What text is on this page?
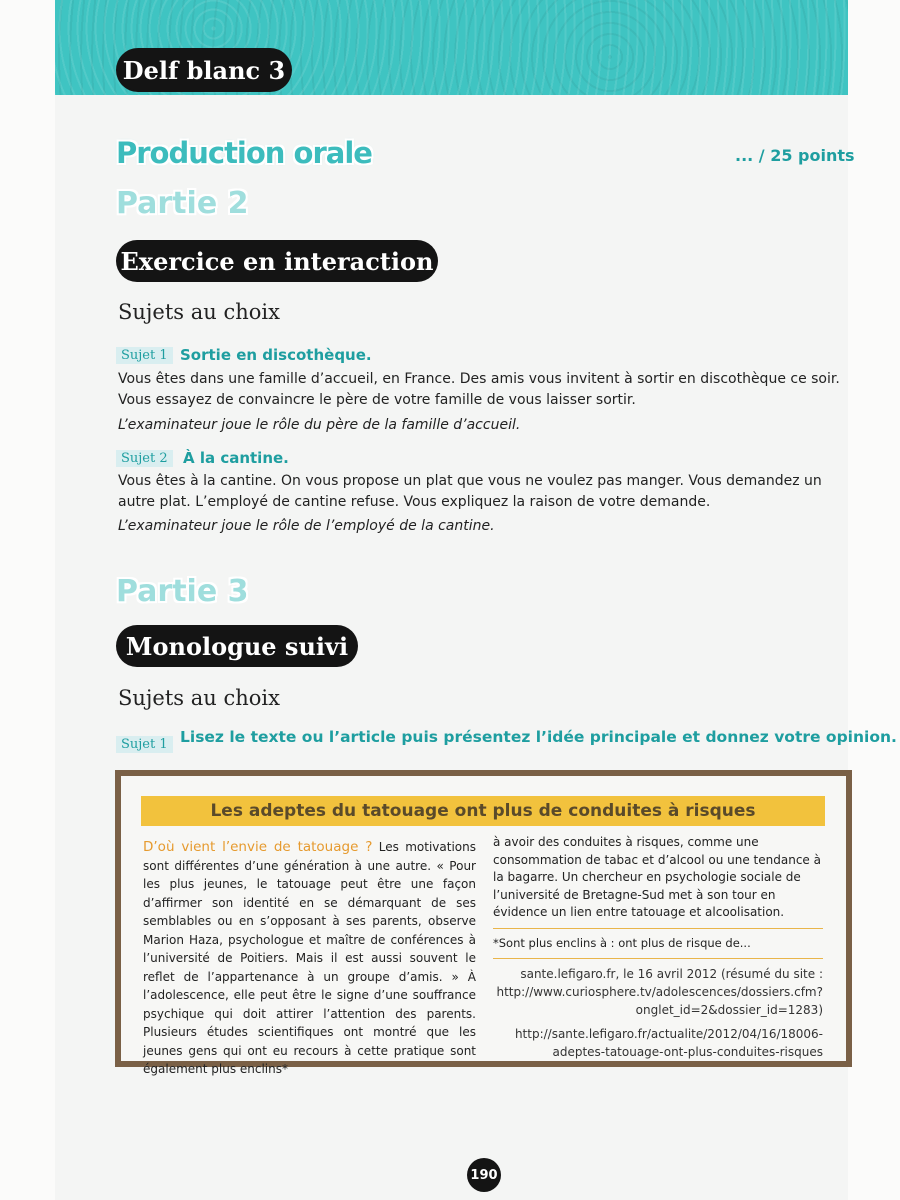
Delf blanc 3
Production orale	... / 25 points
Partie 2
Exercice en interaction
Sujets au choix
Sujet 1 Sortie en discothèque.
Vous êtes dans une famille d’accueil, en France. Des amis vous invitent à sortir en discothèque ce soir. Vous essayez de convaincre le père de votre famille de vous laisser sortir.
L’examinateur joue le rôle du père de la famille d’accueil.
Sujet 2	À la cantine.
Vous êtes à la cantine. On vous propose un plat que vous ne voulez pas manger. Vous demandez un autre plat. L’employé de cantine refuse. Vous expliquez la raison de votre demande.
L’examinateur joue le rôle de l’employé de la cantine.
Partie 3
Monologue suivi
Sujets au choix
Sujet 1 Lisez le texte ou l’article puis présentez l’idée principale et donnez votre opinion.
Les adeptes du tatouage ont plus de conduites à risques
D’où vient l’envie de tatouage ? Les motivations sont différentes d’une génération à une autre. « Pour les plus jeunes, le tatouage peut être une façon d’affirmer son identité en se démarquant de ses semblables ou en s’opposant à ses parents, observe Marion Haza, psychologue et maître de conférences à l’université de Poitiers. Mais il est aussi souvent le reflet de l’appartenance à un groupe d’amis. » À l’adolescence, elle peut être le signe d’une souffrance psychique qui doit attirer l’attention des parents. Plusieurs études scientifiques ont montré que les jeunes gens qui ont eu recours à cette pratique sont également plus enclins*
à avoir des conduites à risques, comme une consommation de tabac et d’alcool ou une tendance à la bagarre. Un chercheur en psychologie sociale de l’université de Bretagne-Sud met à son tour en évidence un lien entre tatouage et alcoolisation.
*Sont plus enclins à : ont plus de risque de...
sante.lefigaro.fr, le 16 avril 2012 (résumé du site : http://www.curiosphere.tv/adolescences/dossiers.cfm?onglet_id=2&dossier_id=1283)
http://sante.lefigaro.fr/actualite/2012/04/16/18006-adeptes-tatouage-ont-plus-conduites-risques
190
